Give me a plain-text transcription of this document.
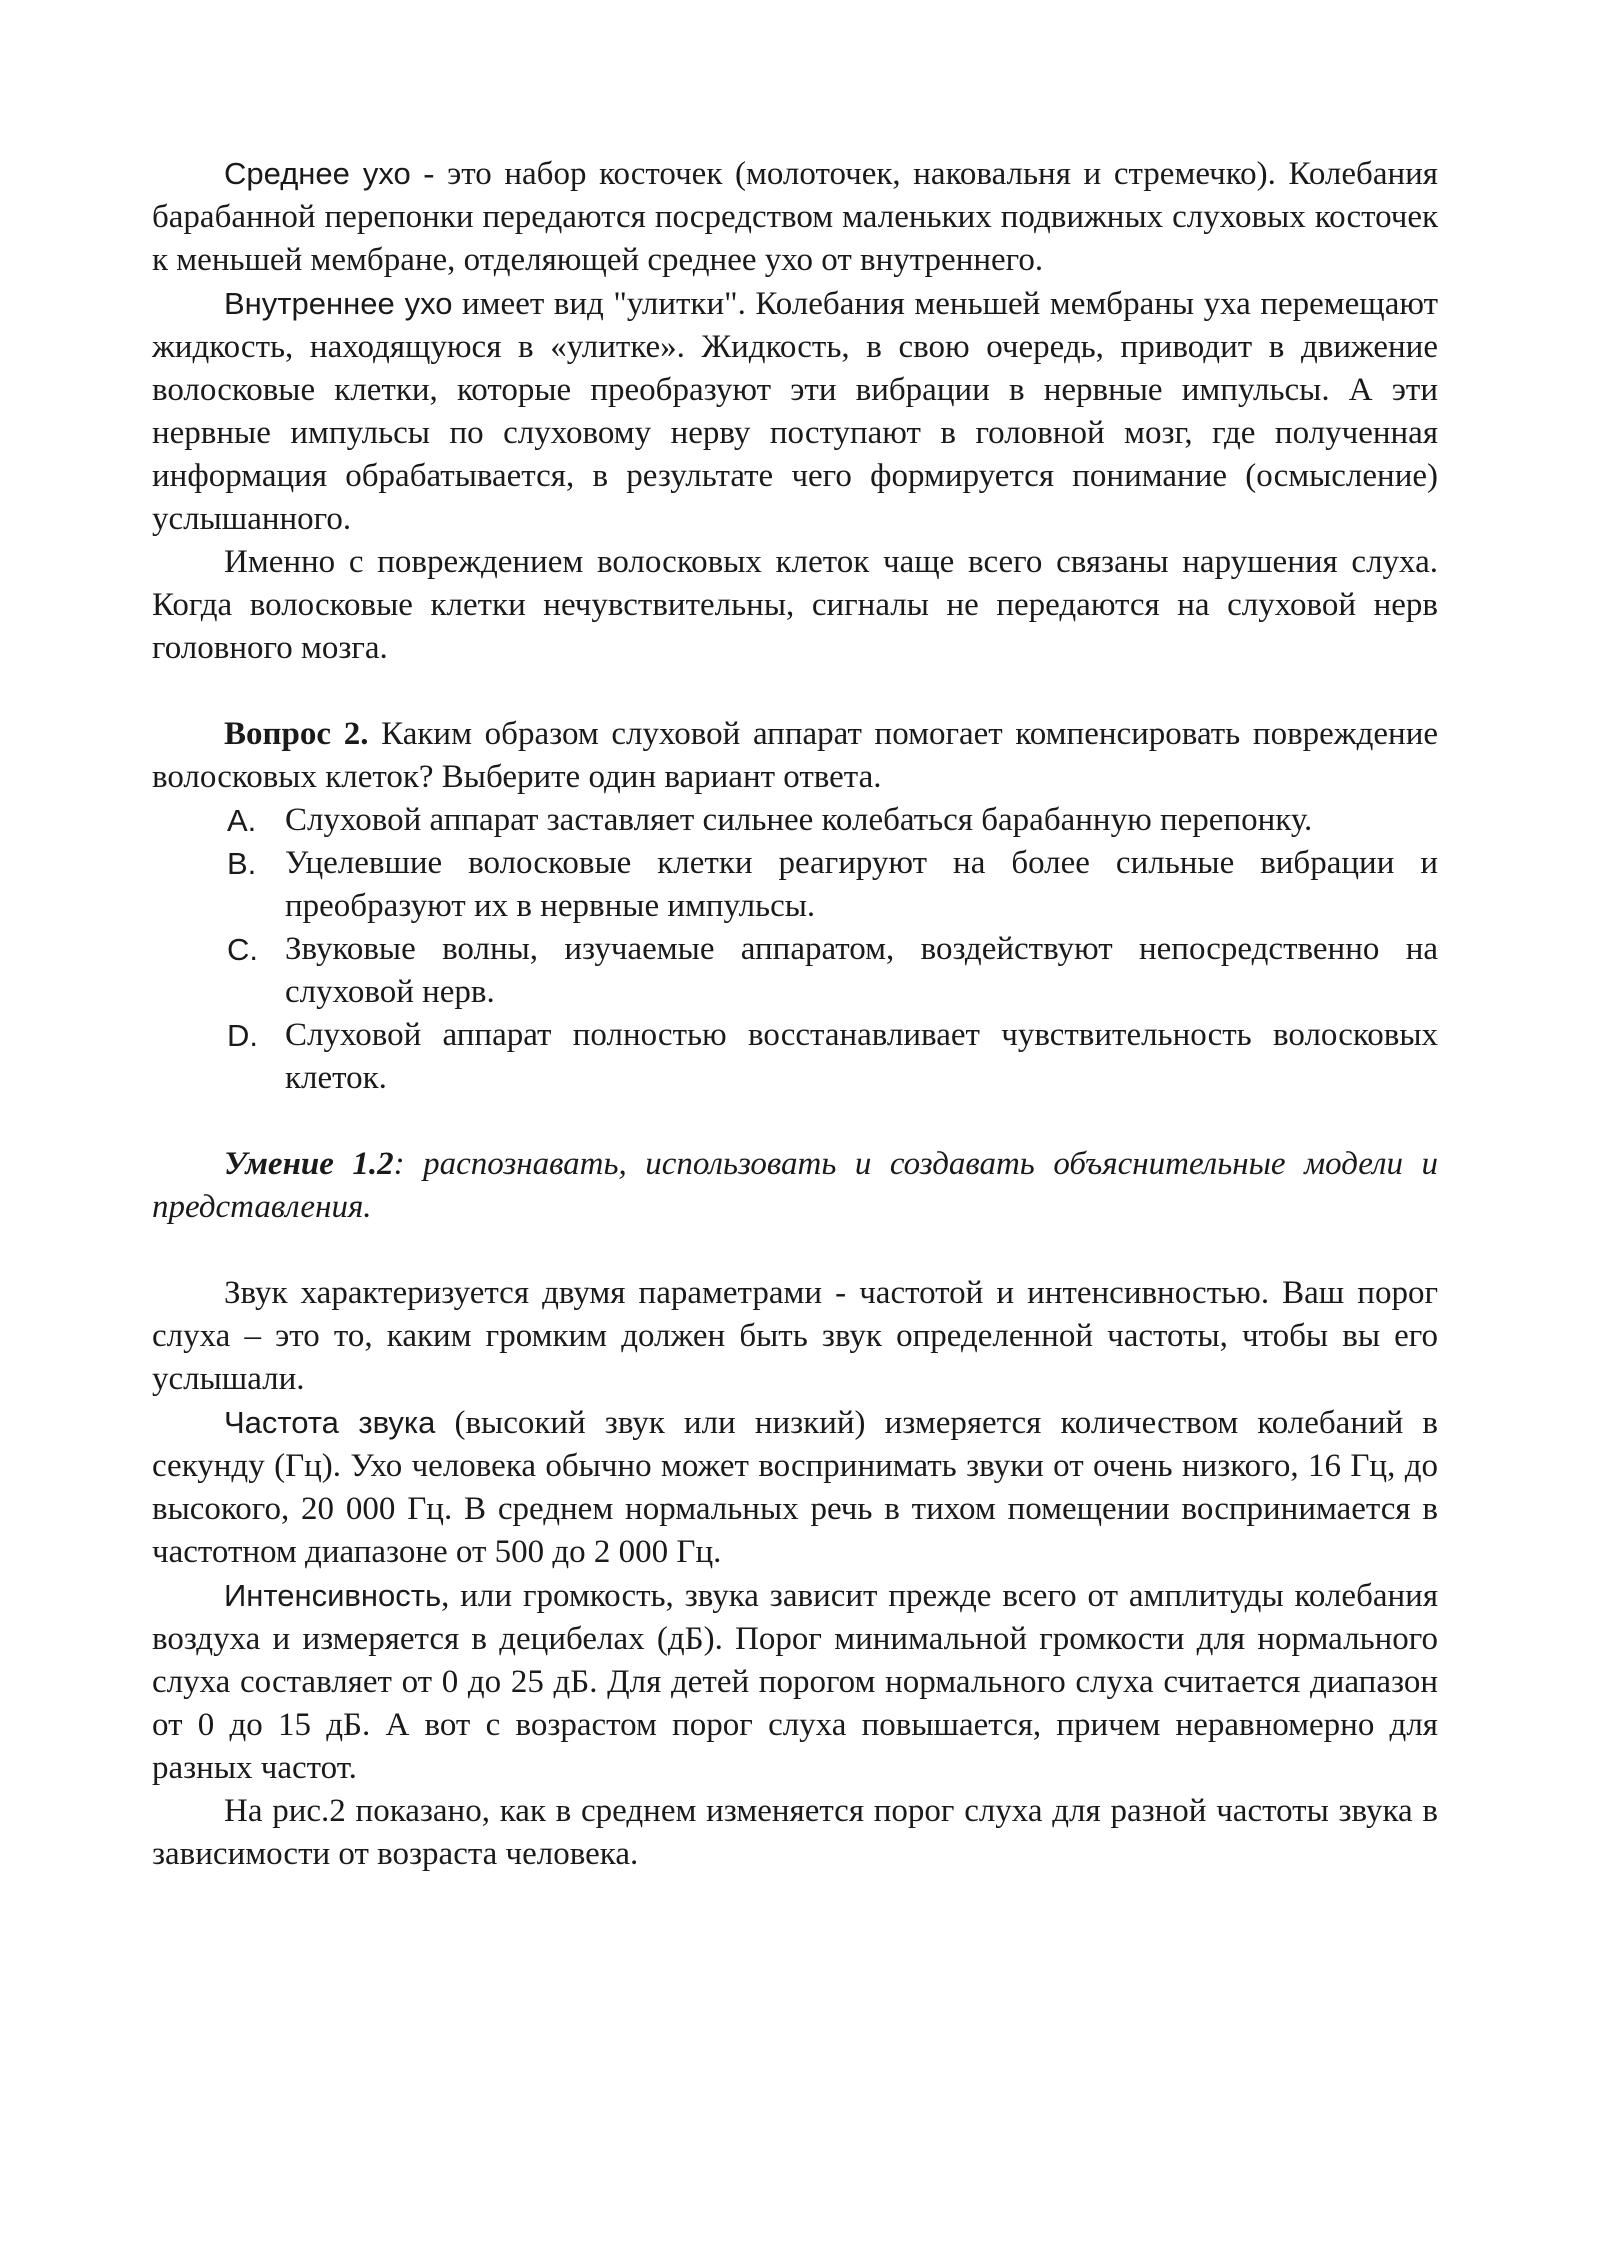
Среднее ухо - это набор косточек (молоточек, наковальня и стремечко). Колебания барабанной перепонки передаются посредством маленьких подвижных слуховых косточек к меньшей мембране, отделяющей среднее ухо от внутреннего.

Внутреннее ухо имеет вид "улитки". Колебания меньшей мембраны уха перемещают жидкость, находящуюся в «улитке». Жидкость, в свою очередь, приводит в движение волосковые клетки, которые преобразуют эти вибрации в нервные импульсы. А эти нервные импульсы по слуховому нерву поступают в головной мозг, где полученная информация обрабатывается, в результате чего формируется понимание (осмысление) услышанного.

Именно с повреждением волосковых клеток чаще всего связаны нарушения слуха. Когда волосковые клетки нечувствительны, сигналы не передаются на слуховой нерв головного мозга.

Вопрос 2. Каким образом слуховой аппарат помогает компенсировать повреждение волосковых клеток? Выберите один вариант ответа.

A. Слуховой аппарат заставляет сильнее колебаться барабанную перепонку.
B. Уцелевшие волосковые клетки реагируют на более сильные вибрации и преобразуют их в нервные импульсы.
C. Звуковые волны, изучаемые аппаратом, воздействуют непосредственно на слуховой нерв.
D. Слуховой аппарат полностью восстанавливает чувствительность волосковых клеток.

Умение 1.2: распознавать, использовать и создавать объяснительные модели и представления.

Звук характеризуется двумя параметрами - частотой и интенсивностью. Ваш порог слуха – это то, каким громким должен быть звук определенной частоты, чтобы вы его услышали.

Частота звука (высокий звук или низкий) измеряется количеством колебаний в секунду (Гц). Ухо человека обычно может воспринимать звуки от очень низкого, 16 Гц, до высокого, 20 000 Гц. В среднем нормальных речь в тихом помещении воспринимается в частотном диапазоне от 500 до 2 000 Гц.

Интенсивность, или громкость, звука зависит прежде всего от амплитуды колебания воздуха и измеряется в децибелах (дБ). Порог минимальной громкости для нормального слуха составляет от 0 до 25 дБ. Для детей порогом нормального слуха считается диапазон от 0 до 15 дБ. А вот с возрастом порог слуха повышается, причем неравномерно для разных частот.

На рис.2 показано, как в среднем изменяется порог слуха для разной частоты звука в зависимости от возраста человека.
